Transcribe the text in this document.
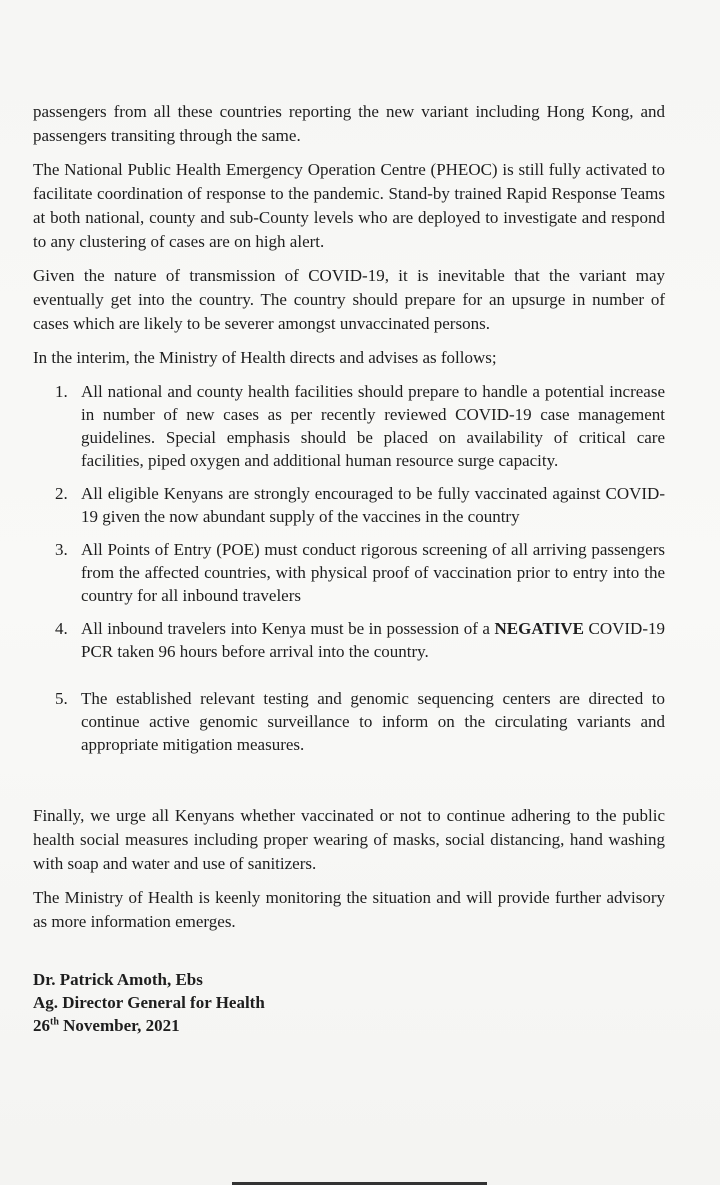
passengers from all these countries reporting the new variant including Hong Kong, and passengers transiting through the same.

The National Public Health Emergency Operation Centre (PHEOC) is still fully activated to facilitate coordination of response to the pandemic. Stand-by trained Rapid Response Teams at both national, county and sub-County levels who are deployed to investigate and respond to any clustering of cases are on high alert.

Given the nature of transmission of COVID-19, it is inevitable that the variant may eventually get into the country. The country should prepare for an upsurge in number of cases which are likely to be severer amongst unvaccinated persons.

In the interim, the Ministry of Health directs and advises as follows;

1. All national and county health facilities should prepare to handle a potential increase in number of new cases as per recently reviewed COVID-19 case management guidelines. Special emphasis should be placed on availability of critical care facilities, piped oxygen and additional human resource surge capacity.
2. All eligible Kenyans are strongly encouraged to be fully vaccinated against COVID-19 given the now abundant supply of the vaccines in the country
3. All Points of Entry (POE) must conduct rigorous screening of all arriving passengers from the affected countries, with physical proof of vaccination prior to entry into the country for all inbound travelers
4. All inbound travelers into Kenya must be in possession of a NEGATIVE COVID-19 PCR taken 96 hours before arrival into the country.
5. The established relevant testing and genomic sequencing centers are directed to continue active genomic surveillance to inform on the circulating variants and appropriate mitigation measures.

Finally, we urge all Kenyans whether vaccinated or not to continue adhering to the public health social measures including proper wearing of masks, social distancing, hand washing with soap and water and use of sanitizers.

The Ministry of Health is keenly monitoring the situation and will provide further advisory as more information emerges.

Dr. Patrick Amoth, Ebs
Ag. Director General for Health
26th November, 2021
